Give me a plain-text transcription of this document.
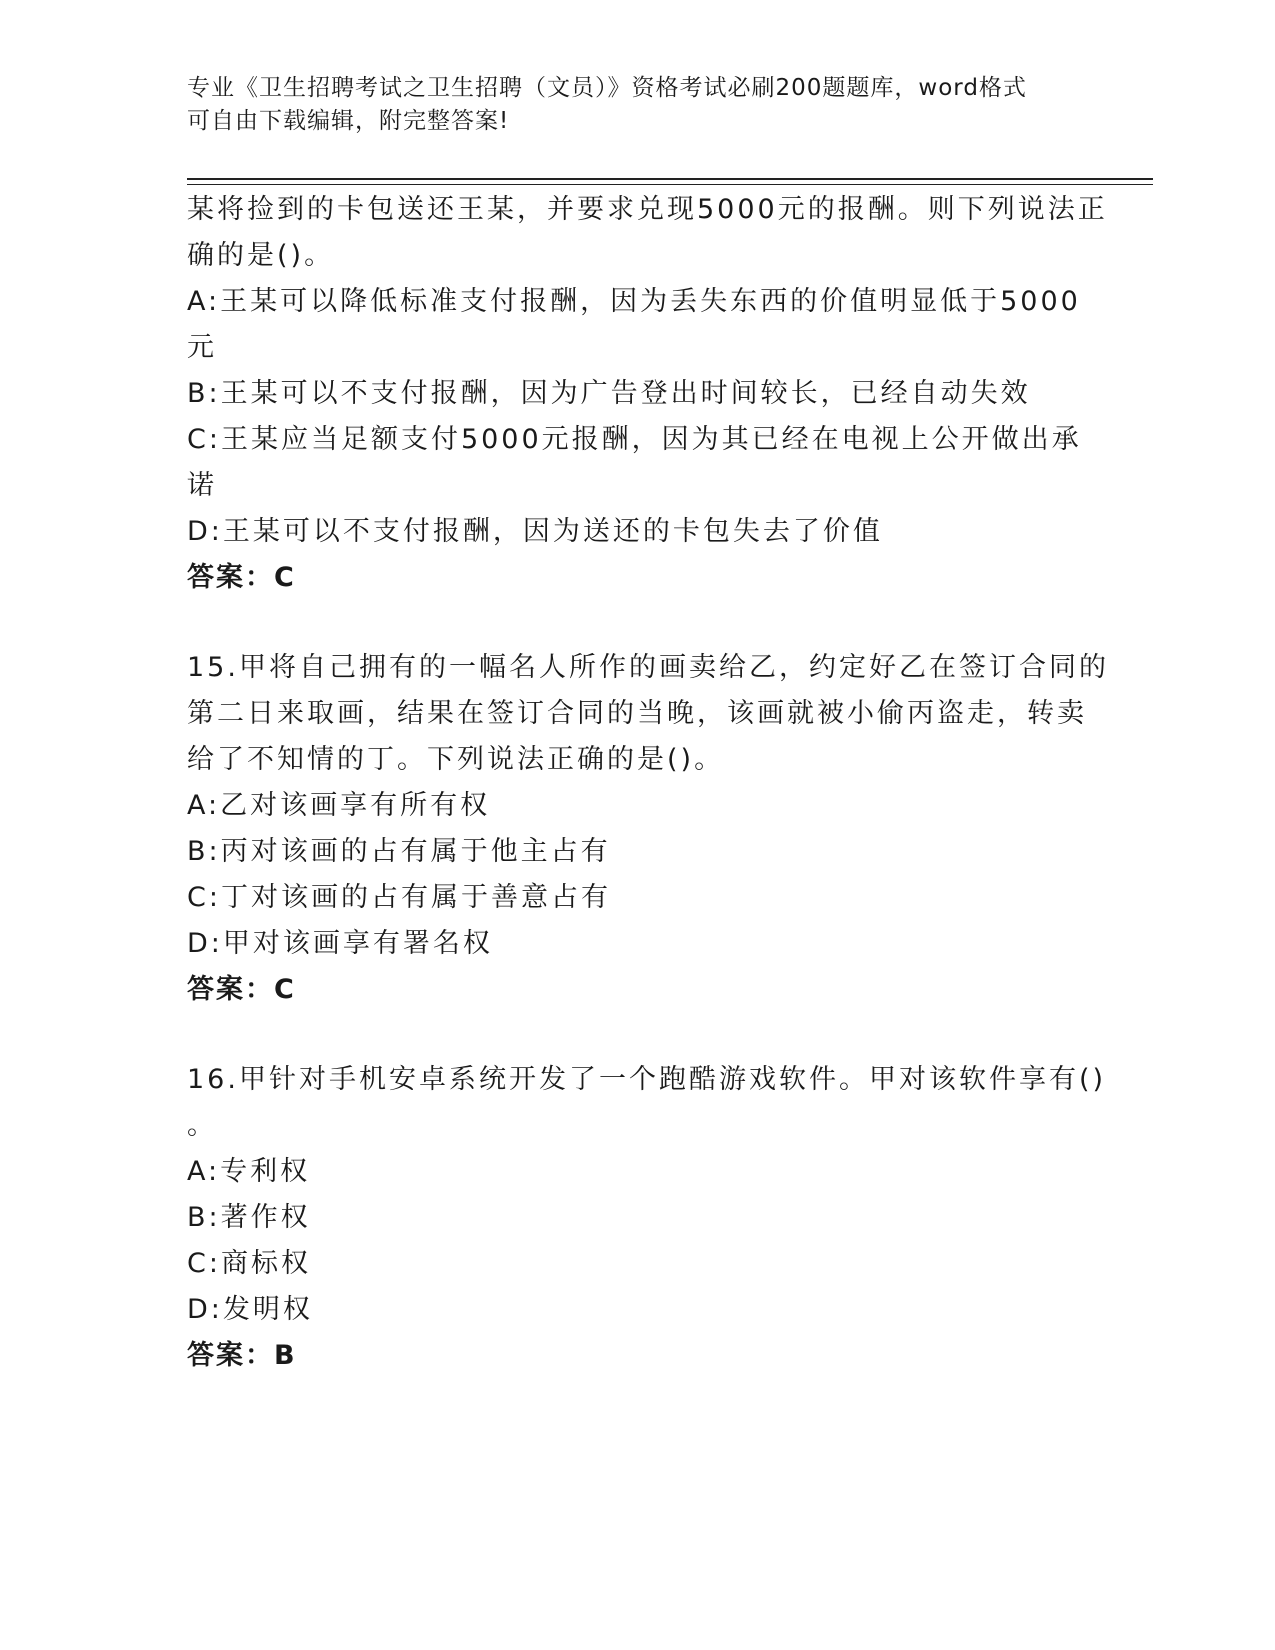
专业《卫生招聘考试之卫生招聘（文员）》资格考试必刷200题题库，word格式
可自由下载编辑，附完整答案!
某将捡到的卡包送还王某，并要求兑现5000元的报酬。则下列说法正
确的是()。
A:王某可以降低标准支付报酬，因为丢失东西的价值明显低于5000
元
B:王某可以不支付报酬，因为广告登出时间较长，已经自动失效
C:王某应当足额支付5000元报酬，因为其已经在电视上公开做出承
诺
D:王某可以不支付报酬，因为送还的卡包失去了价值
答案：C
15.甲将自己拥有的一幅名人所作的画卖给乙，约定好乙在签订合同的
第二日来取画，结果在签订合同的当晚，该画就被小偷丙盗走，转卖
给了不知情的丁。下列说法正确的是()。
A:乙对该画享有所有权
B:丙对该画的占有属于他主占有
C:丁对该画的占有属于善意占有
D:甲对该画享有署名权
答案：C
16.甲针对手机安卓系统开发了一个跑酷游戏软件。甲对该软件享有()
。
A:专利权
B:著作权
C:商标权
D:发明权
答案：B
